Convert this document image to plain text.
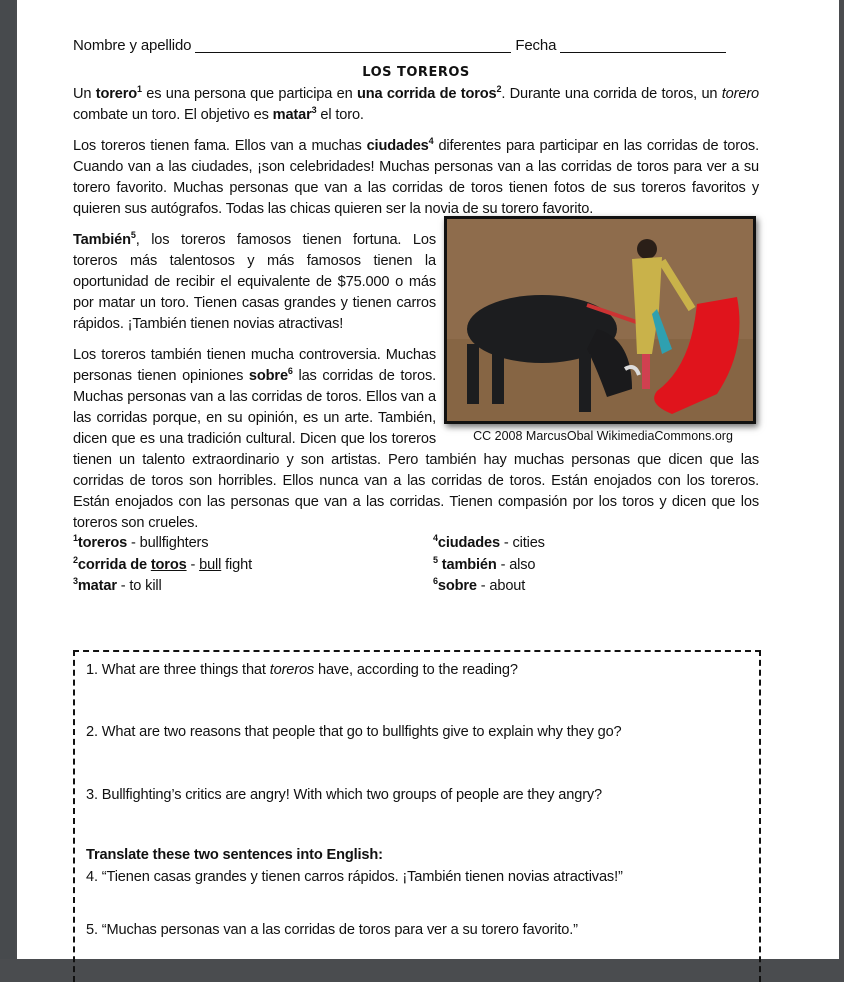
Nombre y apellido	Fecha
LOS TOREROS

Un torero$^1$ es una persona que participa en una corrida de toros$^2$. Durante una corrida de toros, un torero combate un toro. El objetivo es matar$^3$ el toro.

Los toreros tienen fama. Ellos van a muchas ciudades$^4$ diferentes para participar en las corridas de toros. Cuando van a las ciudades, ¡son celebridades! Muchas personas van a las corridas de toros para ver a su torero favorito. Muchas personas que van a las corridas de toros tienen fotos de sus toreros favoritos y quieren sus autógrafos. Todas las chicas quieren ser la novia de su torero favorito.

CC 2008 MarcusObal WikimediaCommons.org

También$^5$, los toreros famosos tienen fortuna. Los toreros más talentosos y más famosos tienen la oportunidad de recibir el equivalente de $75.000 o más por matar un toro. Tienen casas grandes y tienen carros rápidos. ¡También tienen novias atractivas!

Los toreros también tienen mucha controversia. Muchas personas tienen opiniones sobre$^6$ las corridas de toros. Muchas personas van a las corridas de toros. Ellos van a las corridas porque, en su opinión, es un arte. También, dicen que es una tradición cultural. Dicen que los toreros tienen un talento extraordinario y son artistas. Pero también hay muchas personas que dicen que las corridas de toros son horribles. Ellos nunca van a las corridas de toros. Están enojados con los toreros. Están enojados con las personas que van a las corridas. Tienen compasión por los toros y dicen que los toreros son crueles.

$^1$toreros - bullfighters	$^4$ciudades - cities
$^2$corrida de toros - bull fight	$^5$ también - also
$^3$matar - to kill	$^6$sobre - about
1. What are three things that toreros have, according to the reading?
2. What are two reasons that people that go to bullfights give to explain why they go?
3. Bullfighting’s critics are angry! With which two groups of people are they angry?
Translate these two sentences into English:
4. “Tienen casas grandes y tienen carros rápidos. ¡También tienen novias atractivas!”
5. “Muchas personas van a las corridas de toros para ver a su torero favorito.”
